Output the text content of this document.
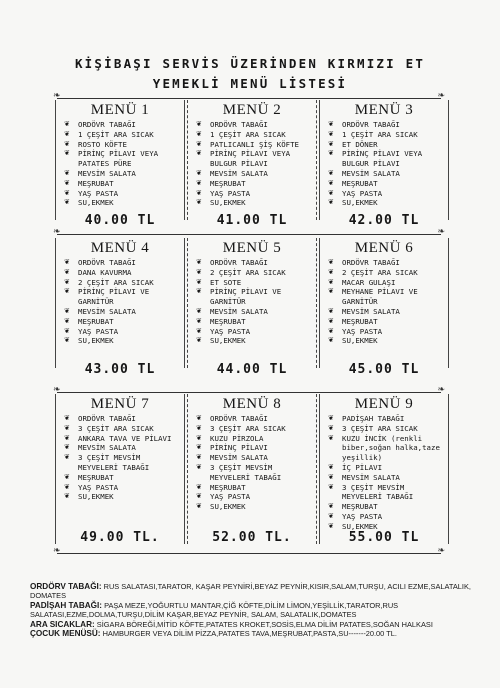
KİŞİBAŞI SERVİS ÜZERİNDEN KIRMIZI ET
YEMEKLİ MENÜ LİSTESİ
❧ ❧
❧ ❧
❧ ❧
❧ ❧
MENÜ 1
❦ ORDÖVR TABAĞI
❦ 1 ÇEŞİT ARA SICAK
❦ ROSTO KÖFTE
❦ PİRİNÇ PİLAVI VEYA PATATES PÜRE
❦ MEVSİM SALATA
❦ MEŞRUBAT
❦ YAŞ PASTA
❦ SU,EKMEK
40.00 TL
MENÜ 2
❦ ORDÖVR TABAĞI
❦ 1 ÇEŞİT ARA SICAK
❦ PATLICANLI ŞİŞ KÖFTE
❦ PİRİNÇ PİLAVI VEYA BULGUR PİLAVI
❦ MEVSİM SALATA
❦ MEŞRUBAT
❦ YAŞ PASTA
❦ SU,EKMEK
41.00 TL
MENÜ 3
❦ ORDÖVR TABAĞI
❦ 1 ÇEŞİT ARA SICAK
❦ ET DÖNER
❦ PİRİNÇ PİLAVI VEYA BULGUR PİLAVI
❦ MEVSİM SALATA
❦ MEŞRUBAT
❦ YAŞ PASTA
❦ SU,EKMEK
42.00 TL
MENÜ 4
❦ ORDÖVR TABAĞI
❦ DANA KAVURMA
❦ 2 ÇEŞİT ARA SICAK
❦ PİRİNÇ PİLAVI VE GARNİTÜR
❦ MEVSİM SALATA
❦ MEŞRUBAT
❦ YAŞ PASTA
❦ SU,EKMEK
43.00 TL
MENÜ 5
❦ ORDÖVR TABAĞI
❦ 2 ÇEŞİT ARA SICAK
❦ ET SOTE
❦ PİRİNÇ PİLAVI VE GARNİTÜR
❦ MEVSİM SALATA
❦ MEŞRUBAT
❦ YAŞ PASTA
❦ SU,EKMEK
44.00 TL
MENÜ 6
❦ ORDÖVR TABAĞI
❦ 2 ÇEŞİT ARA SICAK
❦ MACAR GULAŞI
❦ MEYHANE PİLAVI VE GARNİTÜR
❦ MEVSİM SALATA
❦ MEŞRUBAT
❦ YAŞ PASTA
❦ SU,EKMEK
45.00 TL
MENÜ 7
❦ ORDÖVR TABAĞI
❦ 3 ÇEŞİT ARA SICAK
❦ ANKARA TAVA VE PİLAVI
❦ MEVSİM SALATA
❦ 3 ÇEŞİT MEVSİM MEYVELERİ TABAĞI
❦ MEŞRUBAT
❦ YAŞ PASTA
❦ SU,EKMEK
49.00 TL.
MENÜ 8
❦ ORDÖVR TABAĞI
❦ 3 ÇEŞİT ARA SICAK
❦ KUZU PİRZOLA
❦ PİRİNÇ PİLAVI
❦ MEVSİM SALATA
❦ 3 ÇEŞİT MEVSİM MEYVELERİ TABAĞI
❦ MEŞRUBAT
❦ YAŞ PASTA
❦ SU,EKMEK
52.00 TL.
MENÜ 9
❦ PADİŞAH TABAĞI
❦ 3 ÇEŞİT ARA SICAK
❦ KUZU İNCİK (renkli biber,soğan halka,taze yeşillik)
❦ İÇ PİLAVI
❦ MEVSİM SALATA
❦ 3 ÇEŞİT MEVSİM MEYVELERİ TABAĞI
❦ MEŞRUBAT
❦ YAŞ PASTA
❦ SU,EKMEK
55.00 TL

ORDÖRV TABAĞI: RUS SALATASI,TARATOR, KAŞAR PEYNİRİ,BEYAZ PEYNİR,KISIR,SALAM,TURŞU, ACILI EZME,SALATALIK, DOMATES

PADİŞAH TABAĞI: PAŞA MEZE,YOĞURTLU MANTAR,ÇİĞ KÖFTE,DİLİM LİMON,YEŞİLLİK,TARATOR,RUS SALATASI,EZME,DOLMA,TURŞU,DİLİM KAŞAR,BEYAZ PEYNİR, SALAM, SALATALIK,DOMATES

ARA SICAKLAR: SİGARA BÖREĞİ,MİTİD KÖFTE,PATATES KROKET,SOSİS,ELMA DİLİM PATATES,SOĞAN HALKASI

ÇOCUK MENÜSÜ: HAMBURGER VEYA DİLİM PİZZA,PATATES TAVA,MEŞRUBAT,PASTA,SU-------20.00 TL.
